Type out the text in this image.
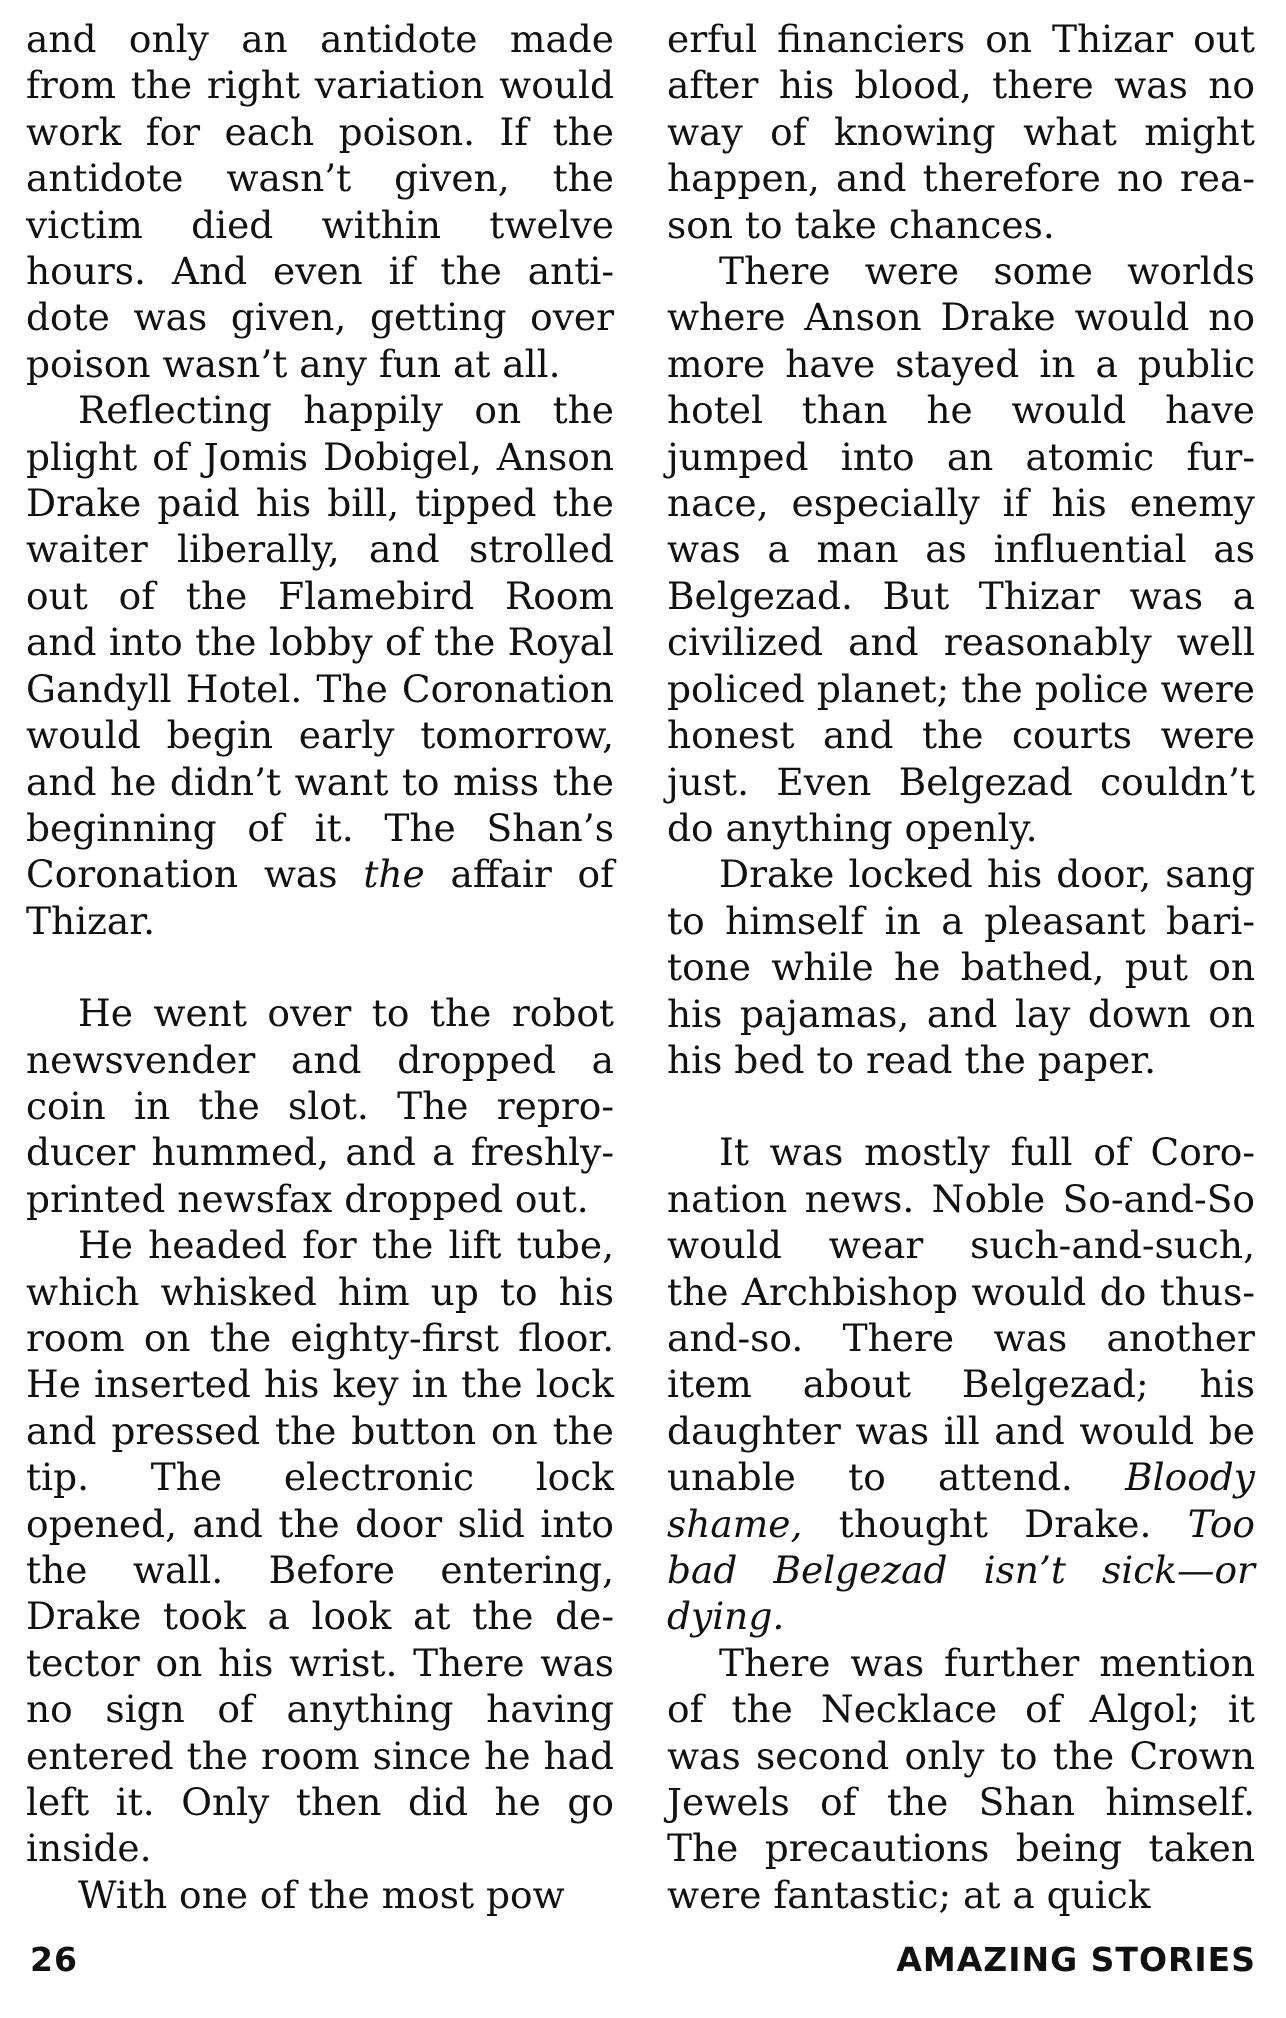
and only an antidote made from the right variation would work for each poison. If the antidote wasn’t given, the victim died within twelve hours. And even if the antidote was given, getting over poison wasn’t any fun at all.

Reflecting happily on the plight of Jomis Dobigel, Anson Drake paid his bill, tipped the waiter liberally, and strolled out of the Flamebird Room and into the lobby of the Royal Gandyll Hotel. The Coronation would begin early tomorrow, and he didn’t want to miss the beginning of it. The Shan’s Coronation was the affair of Thizar.

He went over to the robot newsvender and dropped a coin in the slot. The reproducer hummed, and a freshly-printed newsfax dropped out.

He headed for the lift tube, which whisked him up to his room on the eighty-first floor. He inserted his key in the lock and pressed the button on the tip. The electronic lock opened, and the door slid into the wall. Before entering, Drake took a look at the detector on his wrist. There was no sign of anything having entered the room since he had left it. Only then did he go inside.

With one of the most pow

erful financiers on Thizar out after his blood, there was no way of knowing what might happen, and therefore no reason to take chances.

There were some worlds where Anson Drake would no more have stayed in a public hotel than he would have jumped into an atomic furnace, especially if his enemy was a man as influential as Belgezad. But Thizar was a civilized and reasonably well policed planet; the police were honest and the courts were just. Even Belgezad couldn’t do anything openly.

Drake locked his door, sang to himself in a pleasant baritone while he bathed, put on his pajamas, and lay down on his bed to read the paper.

It was mostly full of Coronation news. Noble So-and-So would wear such-and-such, the Archbishop would do thus-and-so. There was another item about Belgezad; his daughter was ill and would be unable to attend. Bloody shame, thought Drake. Too bad Belgezad isn’t sick—or dying.

There was further mention of the Necklace of Algol; it was second only to the Crown Jewels of the Shan himself. The precautions being taken were fantastic; at a quick

26	AMAZING STORIES
